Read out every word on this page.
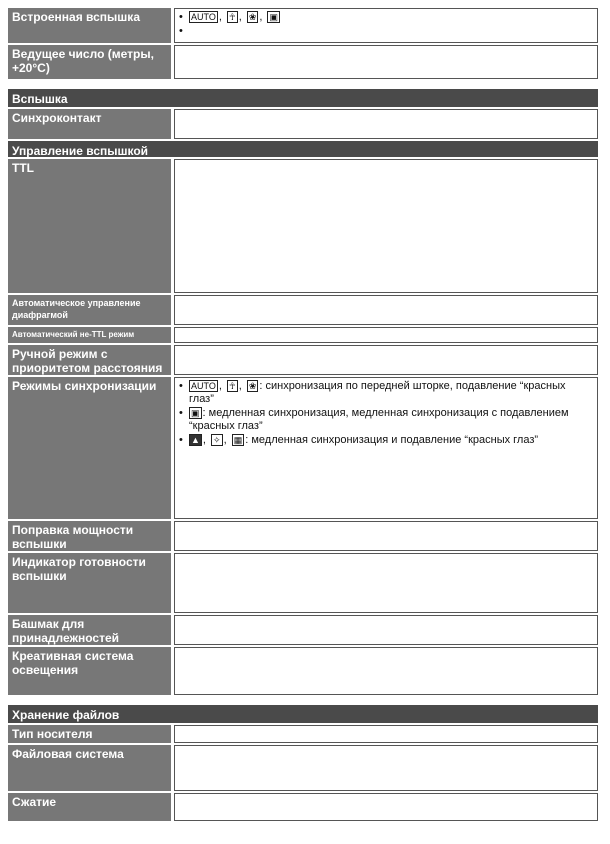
Встроенная вспышка	• AUTO , ☥ , ❀ , ▣
Ведущее число (метры, +20°C)
Вспышка
Синхроконтакт
Управление вспышкой
TTL
Автоматическое управление диафрагмой
Автоматический не-TTL режим
Ручной режим с приоритетом расстояния
Режимы синхронизации	• AUTO , ☥ , ❀ : синхронизация по передней шторке, подавление “красных глаз”
• ▣ : медленная синхронизация, медленная синхронизация с подавлением “красных глаз”
• ▲ , ✧ , ▦ : медленная синхронизация и подавление “красных глаз”
Поправка мощности вспышки
Индикатор готовности вспышки
Башмак для принадлежностей
Креативная система освещения
Хранение файлов
Тип носителя
Файловая система
Сжатие
